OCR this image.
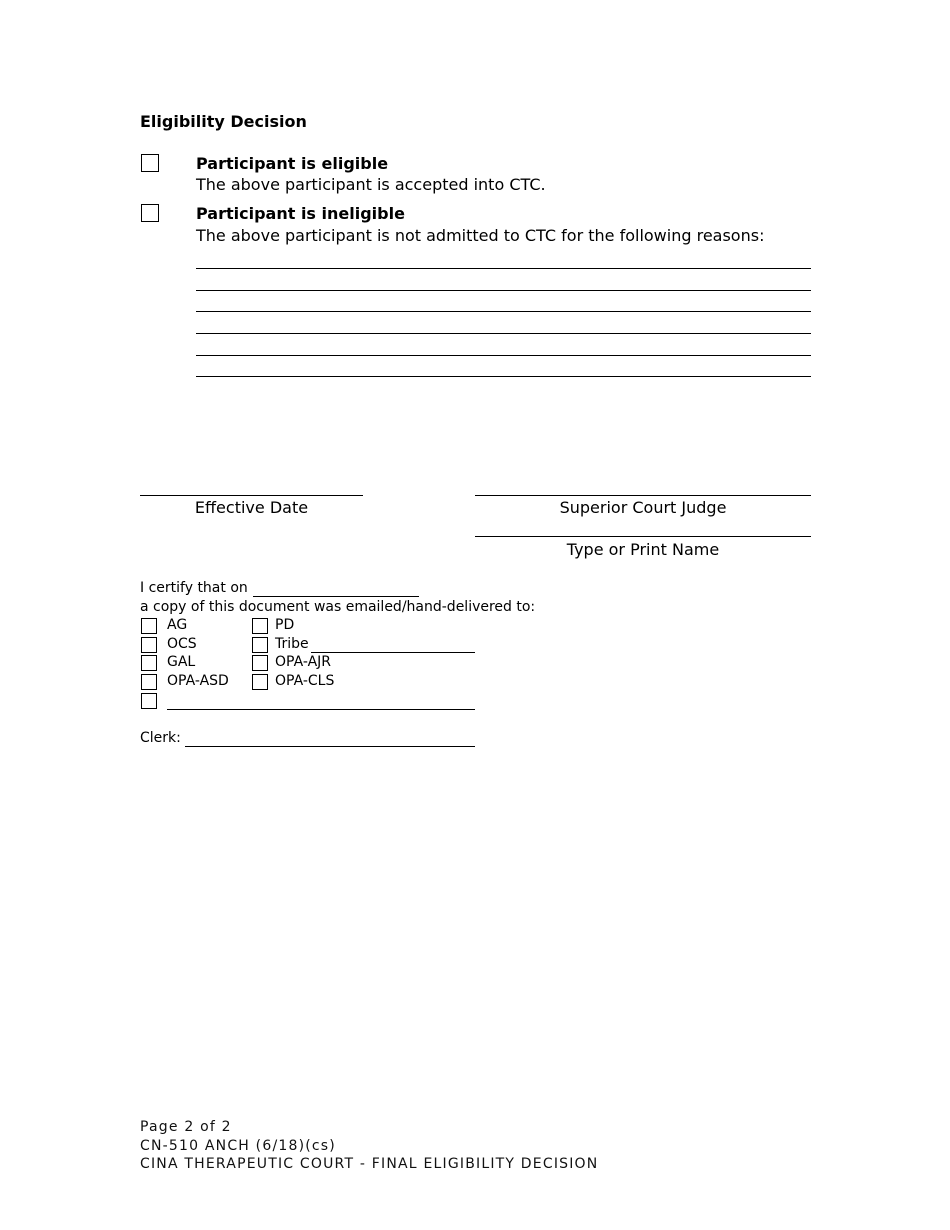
Eligibility Decision
Participant is eligible
The above participant is accepted into CTC.
Participant is ineligible
The above participant is not admitted to CTC for the following reasons:
Effective Date	Superior Court Judge
Type or Print Name
I certify that on
a copy of this document was emailed/hand-delivered to:
AG
OCS
GAL
OPA-ASD
PD
Tribe
OPA-AJR
OPA-CLS
Clerk:
Page 2 of 2
CN-510 ANCH (6/18)(cs)
CINA THERAPEUTIC COURT - FINAL ELIGIBILITY DECISION
